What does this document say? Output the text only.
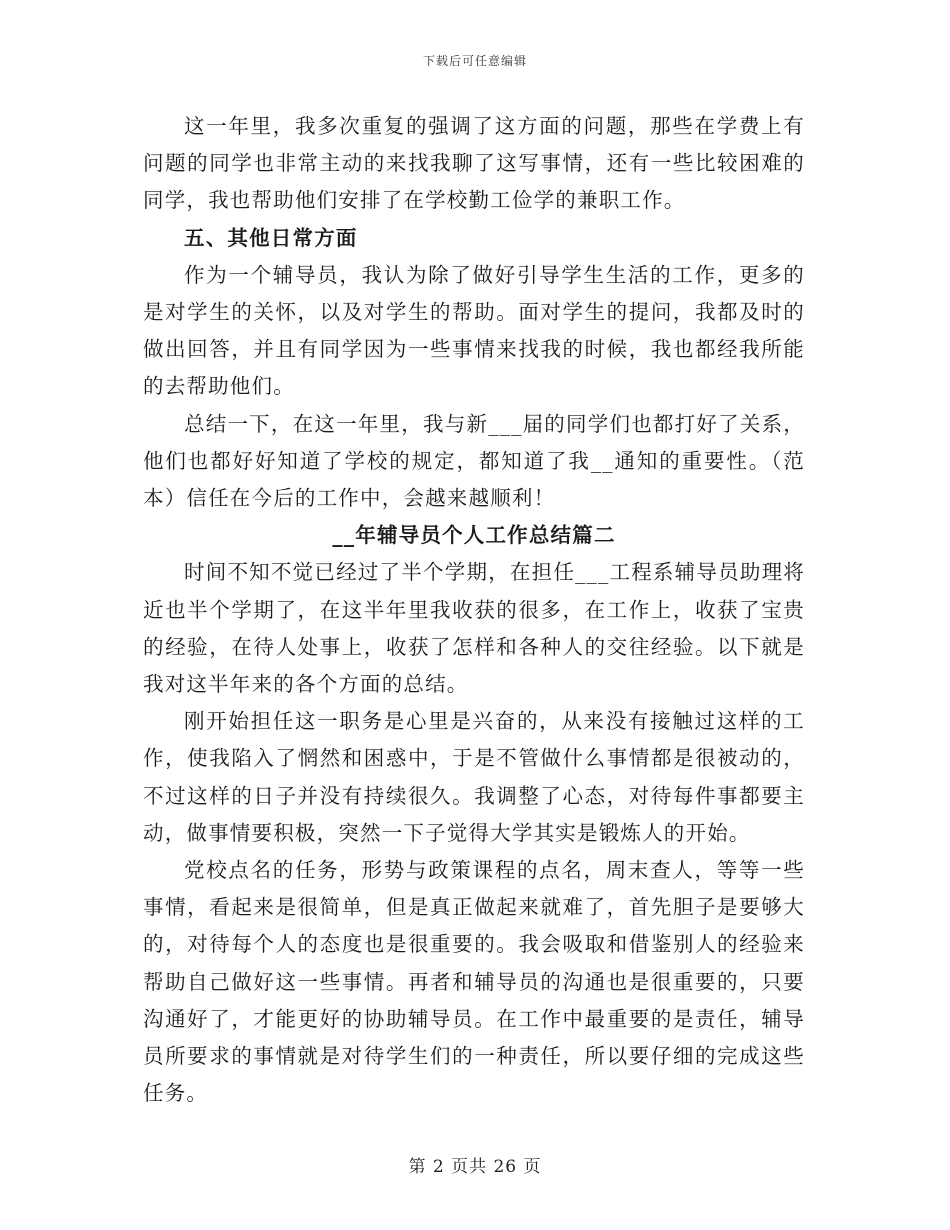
下载后可任意编辑

这一年里，我多次重复的强调了这方面的问题，那些在学费上有问题的同学也非常主动的来找我聊了这写事情，还有一些比较困难的同学，我也帮助他们安排了在学校勤工俭学的兼职工作。

五、其他日常方面

作为一个辅导员，我认为除了做好引导学生生活的工作，更多的是对学生的关怀，以及对学生的帮助。面对学生的提问，我都及时的做出回答，并且有同学因为一些事情来找我的时候，我也都经我所能的去帮助他们。

总结一下，在这一年里，我与新___届的同学们也都打好了关系，他们也都好好知道了学校的规定，都知道了我__通知的重要性。（范本）信任在今后的工作中，会越来越顺利！

__年辅导员个人工作总结篇二

时间不知不觉已经过了半个学期，在担任___工程系辅导员助理将近也半个学期了，在这半年里我收获的很多，在工作上，收获了宝贵的经验，在待人处事上，收获了怎样和各种人的交往经验。以下就是我对这半年来的各个方面的总结。

刚开始担任这一职务是心里是兴奋的，从来没有接触过这样的工作，使我陷入了惘然和困惑中，于是不管做什么事情都是很被动的，不过这样的日子并没有持续很久。我调整了心态，对待每件事都要主动，做事情要积极，突然一下子觉得大学其实是锻炼人的开始。

党校点名的任务，形势与政策课程的点名，周末查人，等等一些事情，看起来是很简单，但是真正做起来就难了，首先胆子是要够大的，对待每个人的态度也是很重要的。我会吸取和借鉴别人的经验来帮助自己做好这一些事情。再者和辅导员的沟通也是很重要的，只要沟通好了，才能更好的协助辅导员。在工作中最重要的是责任，辅导员所要求的事情就是对待学生们的一种责任，所以要仔细的完成这些任务。

第 2 页共 26 页
